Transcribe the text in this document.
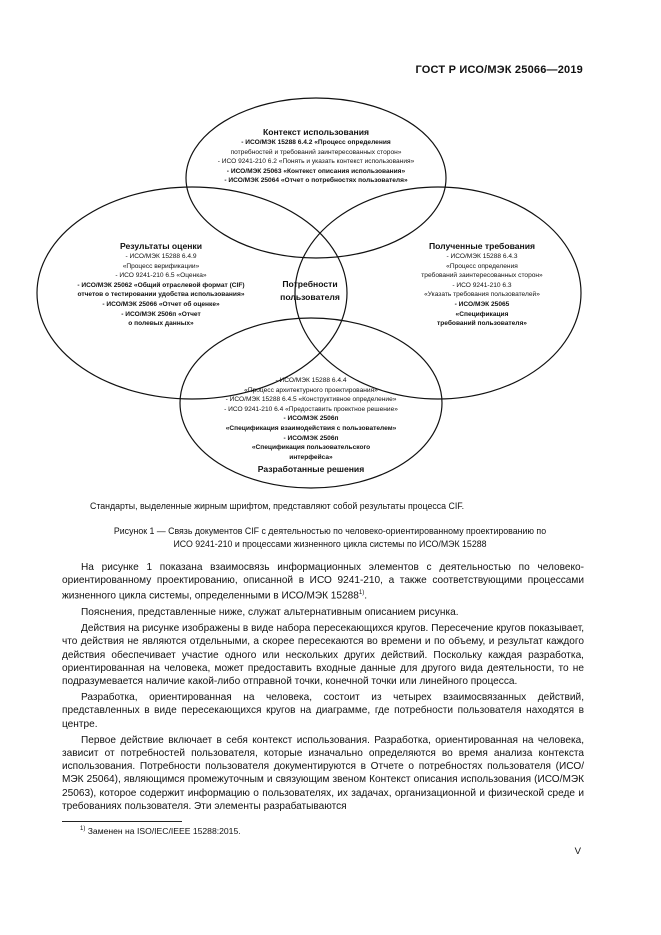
ГОСТ Р ИСО/МЭК 25066—2019
Контекст использования
- ИСО/МЭК 15288 6.4.2 «Процесс определения
потребностей и требований заинтересованных сторон»
- ИСО 9241-210 6.2 «Понять и указать контекст использования»
- ИСО/МЭК 25063 «Контекст описания использования»
- ИСО/МЭК 25064 «Отчет о потребностях пользователя»
Результаты оценки
- ИСО/МЭК 15288 6.4.9
«Процесс верификации»
- ИСО 9241-210 6.5 «Оценка»
- ИСО/МЭК 25062 «Общий отраслевой формат (CIF)
отчетов о тестировании удобства использования»
- ИСО/МЭК 25066 «Отчет об оценке»
- ИСО/МЭК 2506п «Отчет
о полевых данных»
Потребности
пользователя
Полученные требования
- ИСО/МЭК 15288 6.4.3
«Процесс определения
требований заинтересованных сторон»
- ИСО 9241-210 6.3
«Указать требования пользователей»
- ИСО/МЭК 25065
«Спецификация
требований пользователя»
- ИСО/МЭК 15288 6.4.4
«Процесс архитектурного проектирования»
- ИСО/МЭК 15288 6.4.5 «Конструктивное определение»
- ИСО 9241-210 6.4 «Предоставить проектное решение»
- ИСО/МЭК 2506п
«Спецификация взаимодействия с пользователем»
- ИСО/МЭК 2506п
«Спецификация пользовательского
интерфейса»
Разработанные решения
Стандарты, выделенные жирным шрифтом, представляют собой результаты процесса CIF.
Рисунок 1 — Связь документов CIF с деятельностью по человеко-ориентированному проектированию по
ИСО 9241-210 и процессами жизненного цикла системы по ИСО/МЭК 15288

На рисунке 1 показана взаимосвязь информационных элементов с деятельностью по человеко-ориентированному проектированию, описанной в ИСО 9241-210, а также соответствующими процессами жизненного цикла системы, определенными в ИСО/МЭК 15288$^{1)}$.

Пояснения, представленные ниже, служат альтернативным описанием рисунка.

Действия на рисунке изображены в виде набора пересекающихся кругов. Пересечение кругов показывает, что действия не являются отдельными, а скорее пересекаются во времени и по объему, и результат каждого действия обеспечивает участие одного или нескольких других действий. Поскольку каждая разработка, ориентированная на человека, может предоставить входные данные для другого вида деятельности, то не подразумевается наличие какой-либо отправной точки, конечной точки или линейного процесса.

Разработка, ориентированная на человека, состоит из четырех взаимосвязанных действий, представленных в виде пересекающихся кругов на диаграмме, где потребности пользователя находятся в центре.

Первое действие включает в себя контекст использования. Разработка, ориентированная на человека, зависит от потребностей пользователя, которые изначально определяются во время анализа контекста использования. Потребности пользователя документируются в Отчете о потребностях пользователя (ИСО/МЭК 25064), являющимся промежуточным и связующим звеном Контекст описания использования (ИСО/МЭК 25063), которое содержит информацию о пользователях, их задачах, организационной и физической среде и требованиях пользователя. Эти элементы разрабатываются

$^{1)}$ Заменен на ISO/IEC/IEEE 15288:2015.
V
